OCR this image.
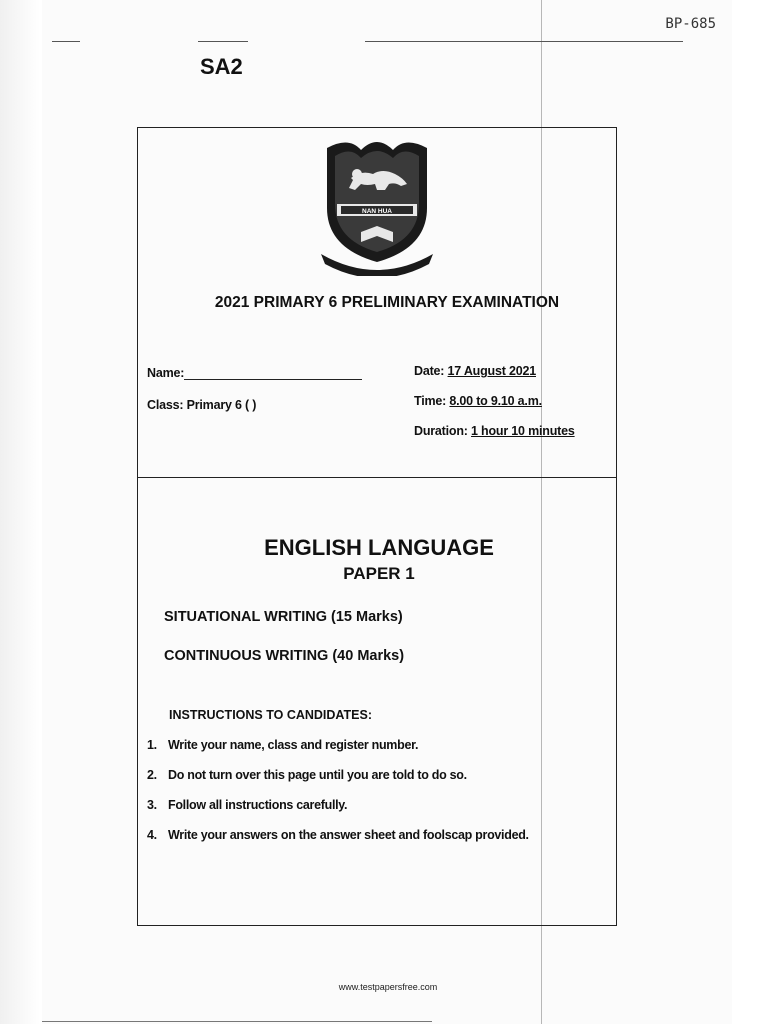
BP-685
SA2
NAN HUA
2021 PRIMARY 6 PRELIMINARY EXAMINATION
Name:
Class: Primary 6 ( )
Date: 17 August 2021
Time: 8.00 to 9.10 a.m.
Duration: 1 hour 10 minutes
ENGLISH LANGUAGE
PAPER 1
SITUATIONAL WRITING (15 Marks)
CONTINUOUS WRITING (40 Marks)
INSTRUCTIONS TO CANDIDATES:
1. Write your name, class and register number.
2. Do not turn over this page until you are told to do so.
3. Follow all instructions carefully.
4. Write your answers on the answer sheet and foolscap provided.
www.testpapersfree.com
